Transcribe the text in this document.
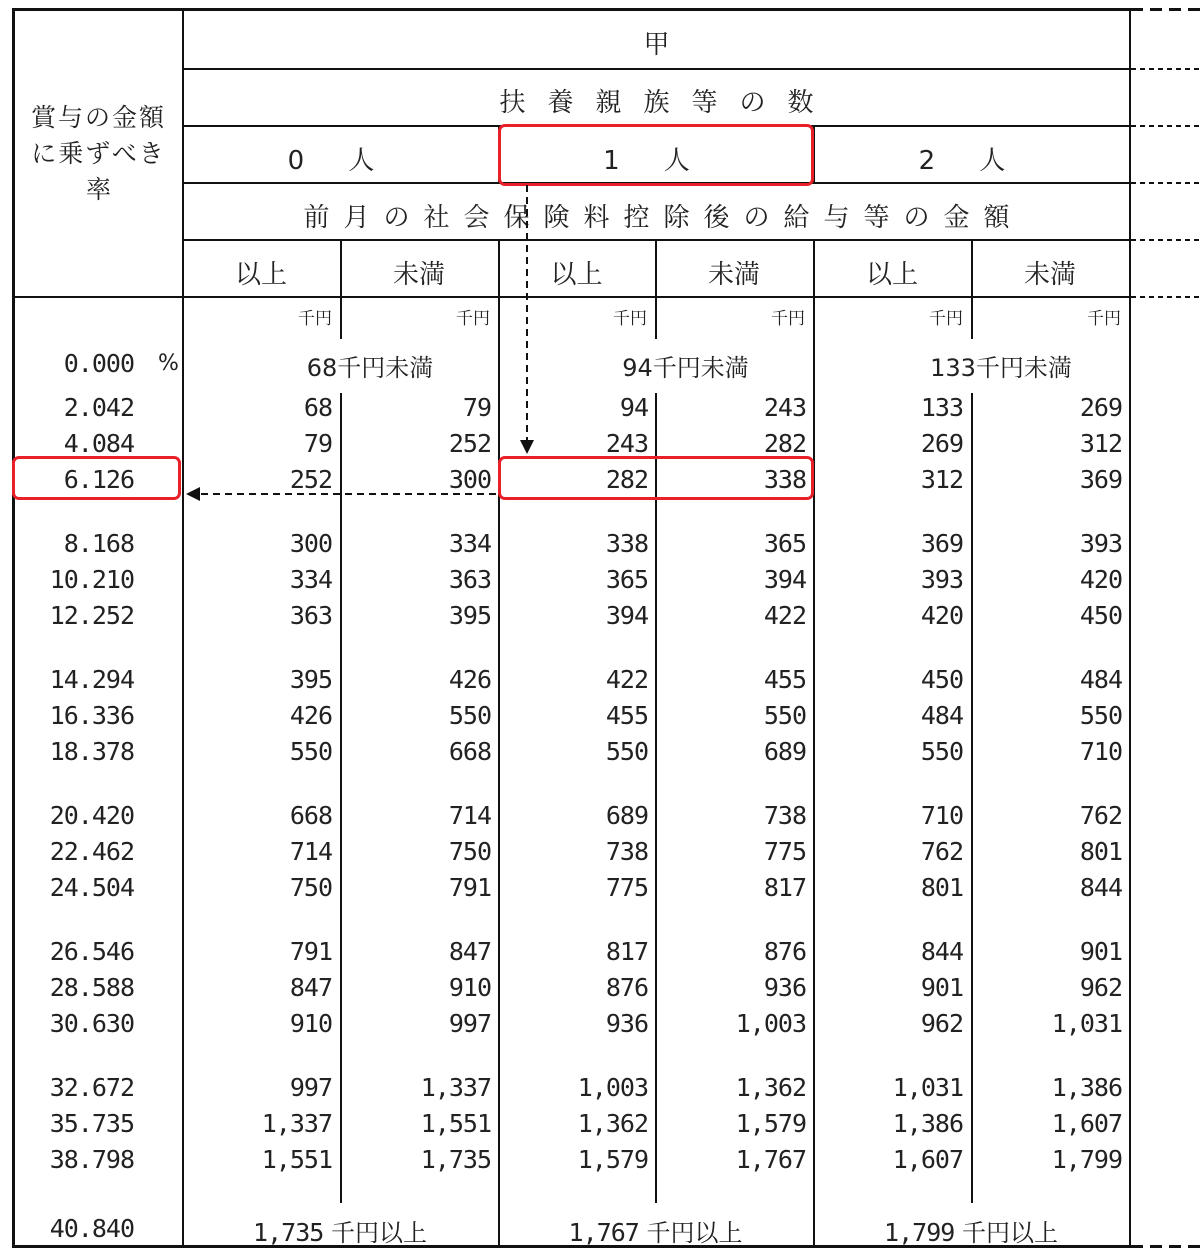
賞与の金額
に乗ずべき
率
甲
扶養親族等の数
0 人	1 人	2 人
前月の社会保険料控除後の給与等の金額
以上	未満	以上	未満	以上	未満
千円	千円	千円	千円	千円	千円
0.000 %	68千円未満	94千円未満	133千円未満
2.042	68	79	94	243	133	269
4.084	79	252	243	282	269	312
6.126	252	300	282	338	312	369
8.168	300	334	338	365	369	393
10.210	334	363	365	394	393	420
12.252	363	395	394	422	420	450
14.294	395	426	422	455	450	484
16.336	426	550	455	550	484	550
18.378	550	668	550	689	550	710
20.420	668	714	689	738	710	762
22.462	714	750	738	775	762	801
24.504	750	791	775	817	801	844
26.546	791	847	817	876	844	901
28.588	847	910	876	936	901	962
30.630	910	997	936	1,003	962	1,031
32.672	997	1,337	1,003	1,362	1,031	1,386
35.735	1,337	1,551	1,362	1,579	1,386	1,607
38.798	1,551	1,735	1,579	1,767	1,607	1,799
40.840	1,735 千円以上	1,767 千円以上	1,799 千円以上
